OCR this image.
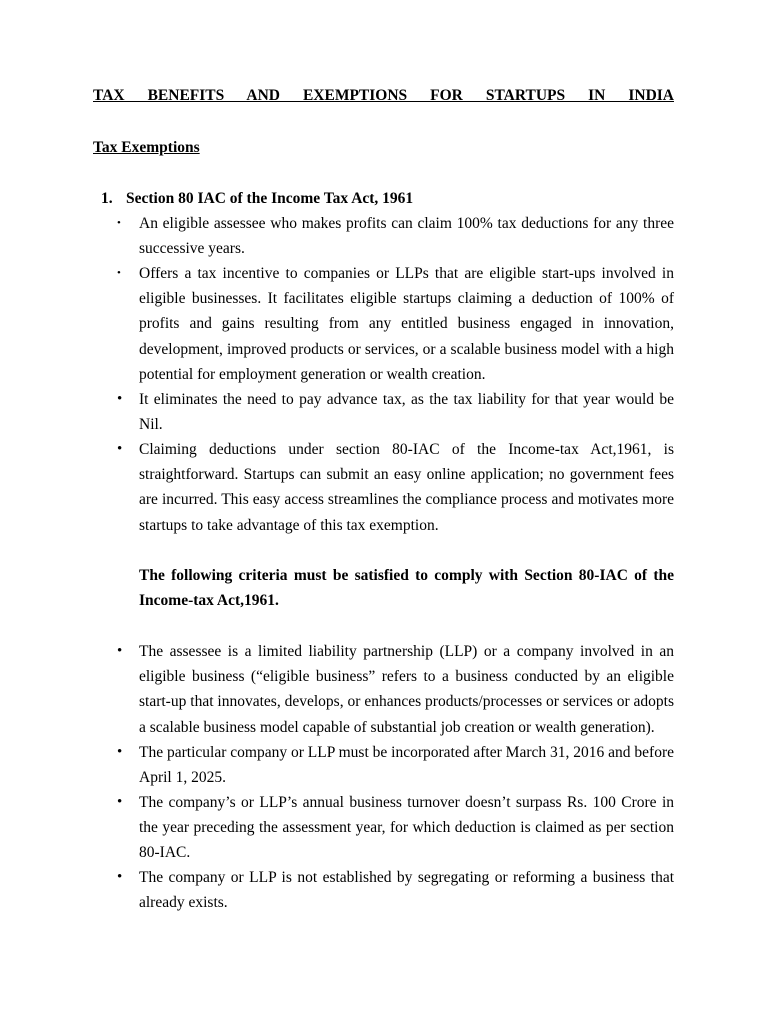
TAX BENEFITS AND EXEMPTIONS FOR STARTUPS IN INDIA

Tax Exemptions

1. Section 80 IAC of the Income Tax Act, 1961

•	An eligible assessee who makes profits can claim 100% tax deductions for any three successive years.
•	Offers a tax incentive to companies or LLPs that are eligible start-ups involved in eligible businesses. It facilitates eligible startups claiming a deduction of 100% of profits and gains resulting from any entitled business engaged in innovation, development, improved products or services, or a scalable business model with a high potential for employment generation or wealth creation.
•	It eliminates the need to pay advance tax, as the tax liability for that year would be Nil.
•	Claiming deductions under section 80-IAC of the Income-tax Act,1961, is straightforward. Startups can submit an easy online application; no government fees are incurred. This easy access streamlines the compliance process and motivates more startups to take advantage of this tax exemption.

The following criteria must be satisfied to comply with Section 80-IAC of the Income-tax Act,1961.

•	The assessee is a limited liability partnership (LLP) or a company involved in an eligible business (“eligible business” refers to a business conducted by an eligible start-up that innovates, develops, or enhances products/processes or services or adopts a scalable business model capable of substantial job creation or wealth generation).
•	The particular company or LLP must be incorporated after March 31, 2016 and before April 1, 2025.
•	The company’s or LLP’s annual business turnover doesn’t surpass Rs. 100 Crore in the year preceding the assessment year, for which deduction is claimed as per section 80-IAC.
•	The company or LLP is not established by segregating or reforming a business that already exists.
